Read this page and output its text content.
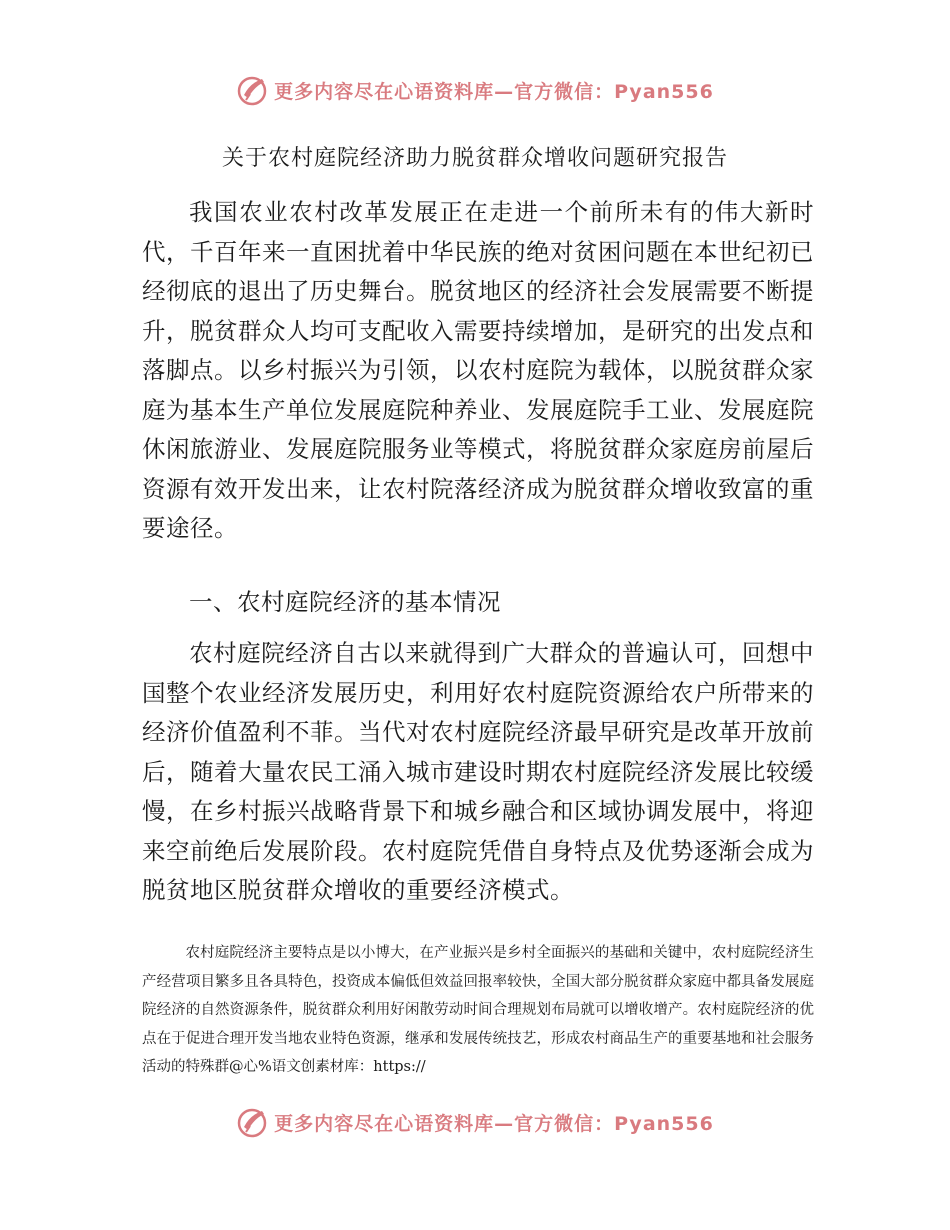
更多内容尽在心语资料库—官方微信：Pyan556
关于农村庭院经济助力脱贫群众增收问题研究报告

我国农业农村改革发展正在走进一个前所未有的伟大新时代，千百年来一直困扰着中华民族的绝对贫困问题在本世纪初已经彻底的退出了历史舞台。脱贫地区的经济社会发展需要不断提升，脱贫群众人均可支配收入需要持续增加，是研究的出发点和落脚点。以乡村振兴为引领，以农村庭院为载体，以脱贫群众家庭为基本生产单位发展庭院种养业、发展庭院手工业、发展庭院休闲旅游业、发展庭院服务业等模式，将脱贫群众家庭房前屋后资源有效开发出来，让农村院落经济成为脱贫群众增收致富的重要途径。

一、农村庭院经济的基本情况

农村庭院经济自古以来就得到广大群众的普遍认可，回想中国整个农业经济发展历史，利用好农村庭院资源给农户所带来的经济价值盈利不菲。当代对农村庭院经济最早研究是改革开放前后，随着大量农民工涌入城市建设时期农村庭院经济发展比较缓慢，在乡村振兴战略背景下和城乡融合和区域协调发展中，将迎来空前绝后发展阶段。农村庭院凭借自身特点及优势逐渐会成为脱贫地区脱贫群众增收的重要经济模式。

农村庭院经济主要特点是以小博大，在产业振兴是乡村全面振兴的基础和关键中，农村庭院经济生产经营项目繁多且各具特色，投资成本偏低但效益回报率较快，全国大部分脱贫群众家庭中都具备发展庭院经济的自然资源条件，脱贫群众利用好闲散劳动时间合理规划布局就可以增收增产。农村庭院经济的优点在于促进合理开发当地农业特色资源，继承和发展传统技艺，形成农村商品生产的重要基地和社会服务活动的特殊群@心%语文创素材库：https://

更多内容尽在心语资料库—官方微信：Pyan556
